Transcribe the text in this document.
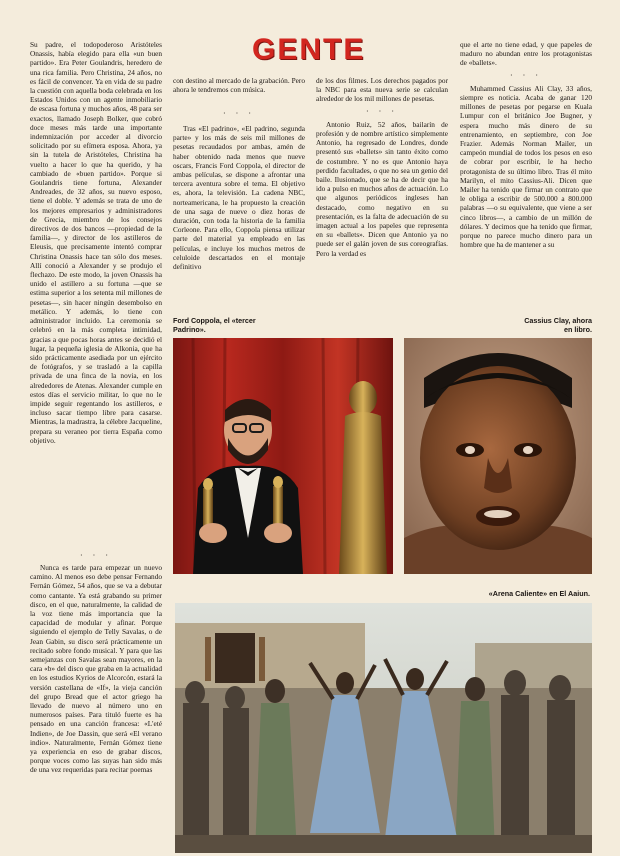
GENTE

Su padre, el todopoderoso Aristóteles Onassis, había elegido para ella «un buen partido». Era Peter Goulandris, heredero de una rica familia. Pero Christina, 24 años, no es fácil de convencer. Ya en vida de su padre la cuestión con aquella boda celebrada en los Estados Unidos con un agente inmobiliario de escasa fortuna y muchos años, 48 para ser exactos, llamado Joseph Bolker, que cobró doce meses más tarde una importante indemnización por acceder al divorcio solicitado por su efímera esposa. Ahora, ya sin la tutela de Aristóteles, Christina ha vuelto a hacer lo que ha querido, y ha cambiado de «buen partido». Porque si Goulandris tiene fortuna, Alexander Andreades, de 32 años, su nuevo esposo, tiene el doble. Y además se trata de uno de los mejores empresarios y administradores de Grecia, miembro de los consejos directivos de dos bancos —propiedad de la familia—, y director de los astilleros de Eleusis, que precisamente intentó comprar Christina Onassis hace tan sólo dos meses. Allí conoció a Alexander y se produjo el flechazo. De este modo, la joven Onassis ha unido el astillero a su fortuna —que se estima superior a los setenta mil millones de pesetas—, sin hacer ningún desembolso en metálico. Y además, lo tiene con administrador incluido. La ceremonia se celebró en la más completa intimidad, gracias a que pocas horas antes se decidió el lugar, la pequeña iglesia de Alkonia, que ha sido prácticamente asediada por un ejército de fotógrafos, y se trasladó a la capilla privada de una finca de la novia, en los alrededores de Atenas. Alexander cumple en estos días el servicio militar, lo que no le impide seguir regentando los astilleros, e incluso sacar tiempo libre para casarse. Mientras, la madrastra, la célebre Jacqueline, prepara su veraneo por tierra España como objetivo.

· · ·

Nunca es tarde para empezar un nuevo camino. Al menos eso debe pensar Fernando Fernán Gómez, 54 años, que se va a debutar como cantante. Ya está grabando su primer disco, en el que, naturalmente, la calidad de la voz tiene más importancia que la capacidad de modular y afinar. Porque siguiendo el ejemplo de Telly Savalas, o de Jean Gabin, su disco será prácticamente un recitado sobre fondo musical. Y para que las semejanzas con Savalas sean mayores, en la cara «b» del disco que graba en la actualidad en los estudios Kyrios de Alcorcón, estará la versión castellana de «If», la vieja canción del grupo Bread que el actor griego ha llevado de nuevo al número uno en numerosos países. Para tituló fuerte es ha pensado en una canción francesa: «L'eté Indien», de Joe Dassin, que será «El verano indio». Naturalmente, Fernán Gómez tiene ya experiencia en eso de grabar discos, porque voces como las suyas han sido más de una vez requeridas para recitar poemas

con destino al mercado de la grabación. Pero ahora le tendremos con música.

· · ·

Tras «El padrino», «El padrino, segunda parte» y los más de seis mil millones de pesetas recaudados por ambas, amén de haber obtenido nada menos que nueve oscars, Francis Ford Coppola, el director de ambas películas, se dispone a afrontar una tercera aventura sobre el tema. El objetivo es, ahora, la televisión. La cadena NBC, norteamericana, le ha propuesto la creación de una saga de nueve o diez horas de duración, con toda la historia de la familia Corleone. Para ello, Coppola piensa utilizar parte del material ya empleado en las películas, e incluye los muchos metros de celuloide descartados en el montaje definitivo

de los dos filmes. Los derechos pagados por la NBC para esta nueva serie se calculan alrededor de los mil millones de pesetas.

· · ·

Antonio Ruiz, 52 años, bailarín de profesión y de nombre artístico simplemente Antonio, ha regresado de Londres, donde presentó sus «ballets» sin tanto éxito como de costumbre. Y no es que Antonio haya perdido facultades, o que no sea un genio del baile. Ilusionado, que se ha de decir que ha ido a pulso en muchos años de actuación. Lo que algunos periódicos ingleses han destacado, como negativo en su presentación, es la falta de adecuación de su imagen actual a los papeles que representa en su «ballets». Dicen que Antonio ya no puede ser el galán joven de sus coreografías. Pero la verdad es

que el arte no tiene edad, y que papeles de maduro no abundan entre los protagonistas de «ballets».

· · ·

Muhammed Cassius Ali Clay, 33 años, siempre es noticia. Acaba de ganar 120 millones de pesetas por pegarse en Kuala Lumpur con el británico Joe Bugner, y espera mucho más dinero de su entrenamiento, en septiembre, con Joe Frazier. Además Norman Mailer, un campeón mundial de todos los pesos en eso de cobrar por escribir, le ha hecho protagonista de su último libro. Tras él mito Marilyn, el mito Cassius-Ali. Dicen que Mailer ha tenido que firmar un contrato que le obliga a escribir de 500.000 a 800.000 palabras —o su equivalente, que viene a ser cinco libros—, a cambio de un millón de dólares. Y decimos que ha tenido que firmar, porque no parece mucho dinero para un hombre que ha de mantener a su

Ford Coppola, el «tercer Padrino».
Cassius Clay, ahora en libro.
«Arena Caliente» en El Aaiun.
